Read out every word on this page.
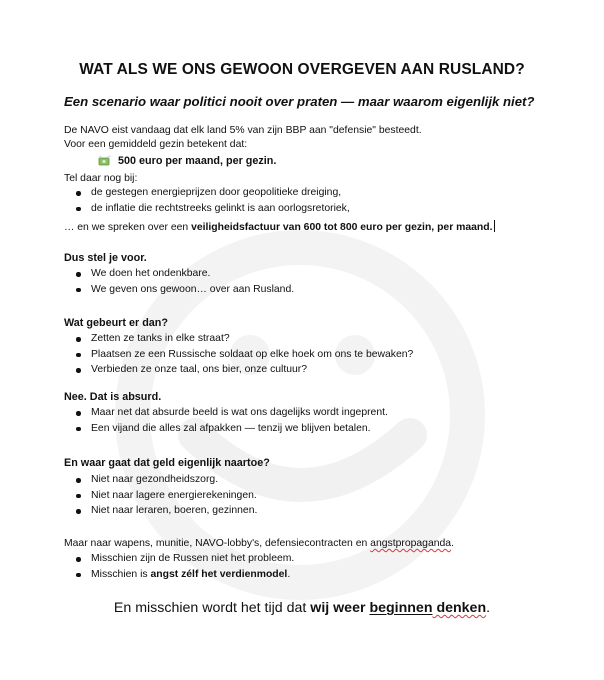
WAT ALS WE ONS GEWOON OVERGEVEN AAN RUSLAND?
Een scenario waar politici nooit over praten — maar waarom eigenlijk niet?
De NAVO eist vandaag dat elk land 5% van zijn BBP aan "defensie" besteedt.
Voor een gemiddeld gezin betekent dat:
500 euro per maand, per gezin.
Tel daar nog bij:
de gestegen energieprijzen door geopolitieke dreiging,
de inflatie die rechtstreeks gelinkt is aan oorlogsretoriek,
… en we spreken over een veiligheidsfactuur van 600 tot 800 euro per gezin, per maand.
Dus stel je voor.
We doen het ondenkbare.
We geven ons gewoon… over aan Rusland.
Wat gebeurt er dan?
Zetten ze tanks in elke straat?
Plaatsen ze een Russische soldaat op elke hoek om ons te bewaken?
Verbieden ze onze taal, ons bier, onze cultuur?
Nee. Dat is absurd.
Maar net dat absurde beeld is wat ons dagelijks wordt ingeprent.
Een vijand die alles zal afpakken — tenzij we blijven betalen.
En waar gaat dat geld eigenlijk naartoe?
Niet naar gezondheidszorg.
Niet naar lagere energierekeningen.
Niet naar leraren, boeren, gezinnen.
Maar naar wapens, munitie, NAVO-lobby's, defensiecontracten en angstpropaganda.
Misschien zijn de Russen niet het probleem.
Misschien is angst zélf het verdienmodel.
En misschien wordt het tijd dat wij weer beginnen denken.
